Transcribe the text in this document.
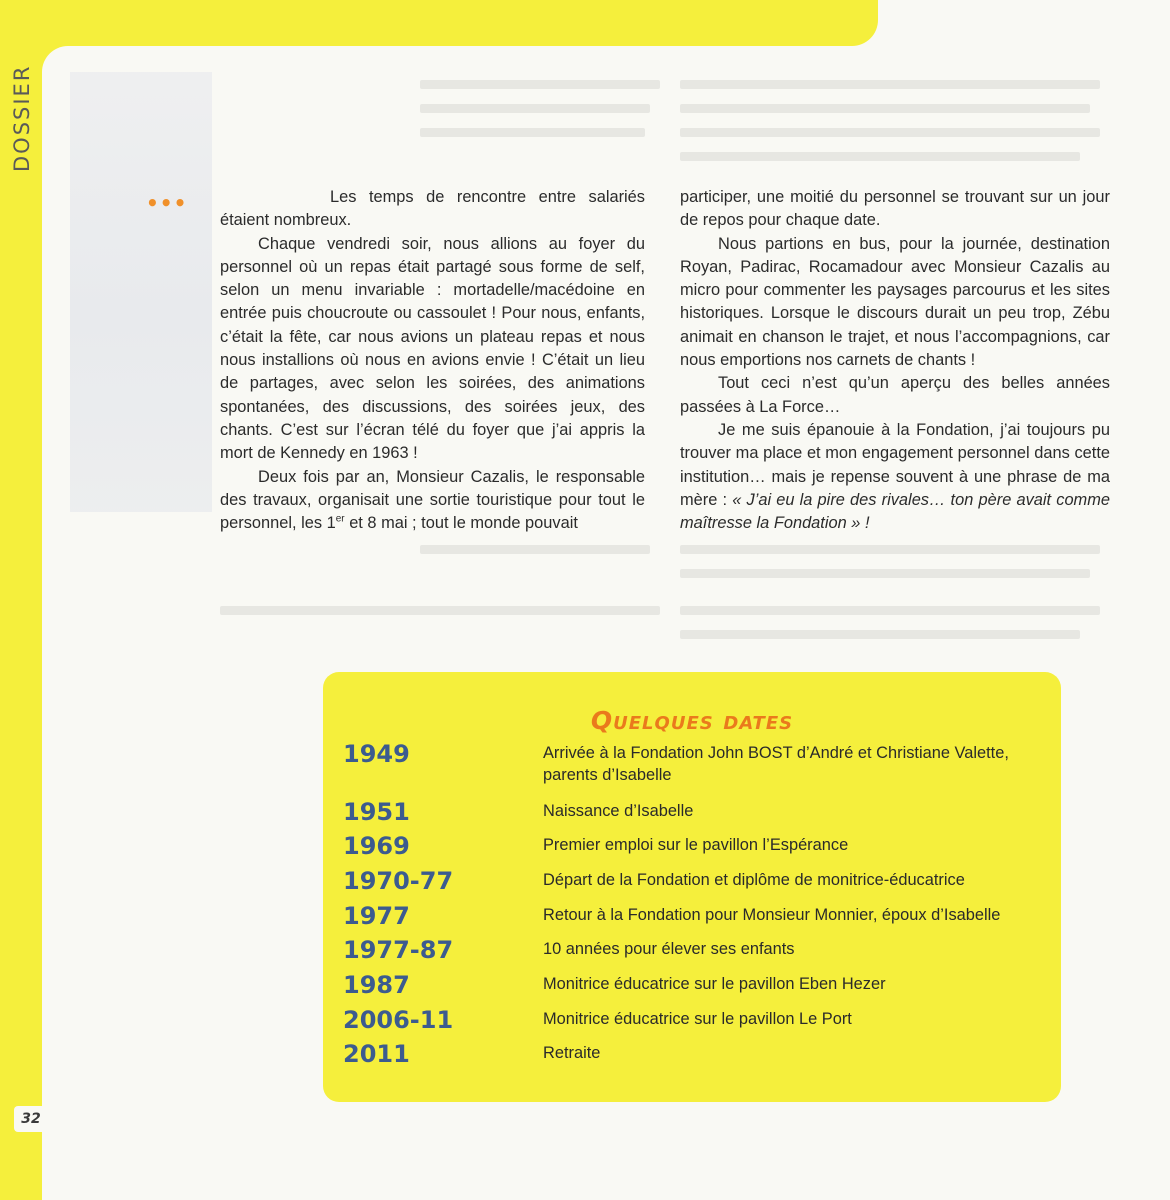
DOSSIER
32
•••	Les temps de rencontre entre salariés étaient nombreux.

Chaque vendredi soir, nous allions au foyer du personnel où un repas était partagé sous forme de self, selon un menu invariable : mortadelle/macédoine en entrée puis choucroute ou cassoulet ! Pour nous, enfants, c’était la fête, car nous avions un plateau repas et nous nous installions où nous en avions envie ! C’était un lieu de partages, avec selon les soirées, des animations spontanées, des discussions, des soirées jeux, des chants. C’est sur l’écran télé du foyer que j’ai appris la mort de Kennedy en 1963 !

Deux fois par an, Monsieur Cazalis, le responsable des travaux, organisait une sortie touristique pour tout le personnel, les 1er et 8 mai ; tout le monde pouvait

participer, une moitié du personnel se trouvant sur un jour de repos pour chaque date.

Nous partions en bus, pour la journée, destination Royan, Padirac, Rocamadour avec Monsieur Cazalis au micro pour commenter les paysages parcourus et les sites historiques. Lorsque le discours durait un peu trop, Zébu animait en chanson le trajet, et nous l’accompagnions, car nous emportions nos carnets de chants !

Tout ceci n’est qu’un aperçu des belles années passées à La Force…

Je me suis épanouie à la Fondation, j’ai toujours pu trouver ma place et mon engagement personnel dans cette institution… mais je repense souvent à une phrase de ma mère : « J’ai eu la pire des rivales… ton père avait comme maîtresse la Fondation » !

Quelques dates
1949	Arrivée à la Fondation John BOST d’André et Christiane Valette, parents d’Isabelle
1951	Naissance d’Isabelle
1969	Premier emploi sur le pavillon l’Espérance
1970-77	Départ de la Fondation et diplôme de monitrice-éducatrice
1977	Retour à la Fondation pour Monsieur Monnier, époux d’Isabelle
1977-87	10 années pour élever ses enfants
1987	Monitrice éducatrice sur le pavillon Eben Hezer
2006-11	Monitrice éducatrice sur le pavillon Le Port
2011	Retraite
